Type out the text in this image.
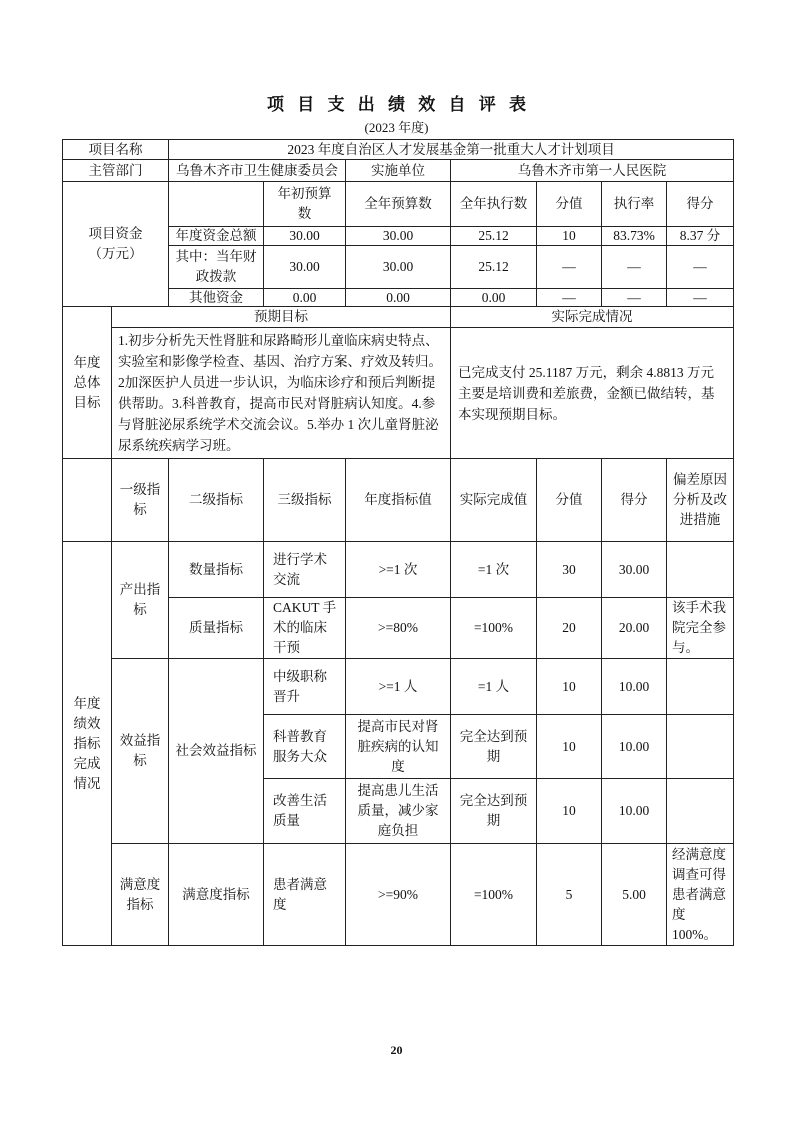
项 目 支 出 绩 效 自 评 表
(2023 年度)
项目名称		2023 年度自治区人才发展基金第一批重大人才计划项目						
主管部门		乌鲁木齐市卫生健康委员会		实施单位	乌鲁木齐市第一人民医院			

项目资金
（万元）			年初预算数	全年预算数	全年执行数	分值	执行率	得分
		年度资金总额	30.00	30.00	25.12	10	83.73%	8.37 分
		其中：当年财政拨款	30.00	30.00	25.12	—	—	—
		其他资金	0.00	0.00	0.00	—	—	—
年度总体目标	预期目标				实际完成情况			
	1.初步分析先天性肾脏和尿路畸形儿童临床病史特点、实验室和影像学检查、基因、治疗方案、疗效及转归。2加深医护人员进一步认识，为临床诊疗和预后判断提供帮助。3.科普教育，提高市民对肾脏病认知度。4.参与肾脏泌尿系统学术交流会议。5.举办 1 次儿童肾脏泌尿系统疾病学习班。				已完成支付 25.1187 万元，剩余 4.8813 万元主要是培训费和差旅费，金额已做结转，基本实现预期目标。			
	一级指标	二级指标	三级指标	年度指标值	实际完成值	分值	得分	偏差原因分析及改进措施
年度绩效指标完成情况	产出指标	数量指标	进行学术交流	>=1 次	=1 次	30	30.00	
		质量指标	CAKUT 手术的临床干预	>=80%	=100%	20	20.00	该手术我院完全参与。
	效益指标	社会效益指标	中级职称晋升	>=1 人	=1 人	10	10.00	
			科普教育服务大众	提高市民对肾脏疾病的认知度	完全达到预期	10	10.00	
			改善生活质量	提高患儿生活质量，减少家庭负担	完全达到预期	10	10.00	
	满意度指标	满意度指标	患者满意度	>=90%	=100%	5	5.00	经满意度调查可得患者满意度 100%。
20
